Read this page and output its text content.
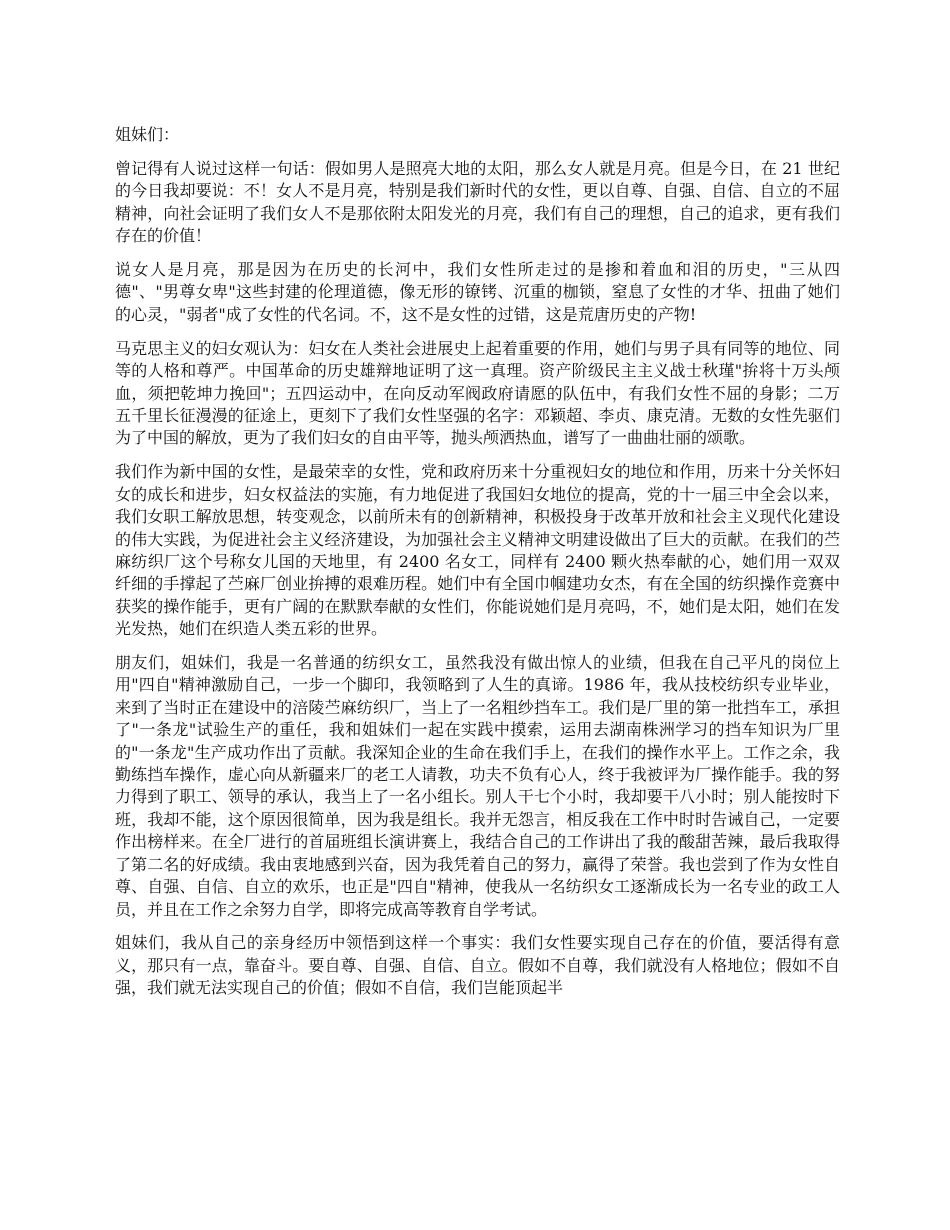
姐妹们：

曾记得有人说过这样一句话：假如男人是照亮大地的太阳，那么女人就是月亮。但是今日，在 21 世纪的今日我却要说：不！女人不是月亮，特别是我们新时代的女性，更以自尊、自强、自信、自立的不屈精神，向社会证明了我们女人不是那依附太阳发光的月亮，我们有自己的理想，自己的追求，更有我们存在的价值！

说女人是月亮，那是因为在历史的长河中，我们女性所走过的是掺和着血和泪的历史，"三从四德"、"男尊女卑"这些封建的伦理道德，像无形的镣铐、沉重的枷锁，窒息了女性的才华、扭曲了她们的心灵，"弱者"成了女性的代名词。不，这不是女性的过错，这是荒唐历史的产物!

马克思主义的妇女观认为：妇女在人类社会进展史上起着重要的作用，她们与男子具有同等的地位、同等的人格和尊严。中国革命的历史雄辩地证明了这一真理。资产阶级民主主义战士秋瑾"拚将十万头颅血，须把乾坤力挽回"；五四运动中，在向反动军阀政府请愿的队伍中，有我们女性不屈的身影；二万五千里长征漫漫的征途上，更刻下了我们女性坚强的名字：邓颖超、李贞、康克清。无数的女性先驱们为了中国的解放，更为了我们妇女的自由平等，抛头颅洒热血，谱写了一曲曲壮丽的颂歌。

我们作为新中国的女性，是最荣幸的女性，党和政府历来十分重视妇女的地位和作用，历来十分关怀妇女的成长和进步，妇女权益法的实施，有力地促进了我国妇女地位的提高，党的十一届三中全会以来，我们女职工解放思想，转变观念，以前所未有的创新精神，积极投身于改革开放和社会主义现代化建设的伟大实践，为促进社会主义经济建设，为加强社会主义精神文明建设做出了巨大的贡献。在我们的苎麻纺织厂这个号称女儿国的天地里，有 2400 名女工，同样有 2400 颗火热奉献的心，她们用一双双纤细的手撑起了苎麻厂创业拚搏的艰难历程。她们中有全国巾帼建功女杰，有在全国的纺织操作竞赛中获奖的操作能手，更有广阔的在默默奉献的女性们，你能说她们是月亮吗，不，她们是太阳，她们在发光发热，她们在织造人类五彩的世界。

朋友们，姐妹们，我是一名普通的纺织女工，虽然我没有做出惊人的业绩，但我在自己平凡的岗位上用"四自"精神激励自己，一步一个脚印，我领略到了人生的真谛。1986 年，我从技校纺织专业毕业，来到了当时正在建设中的涪陵苎麻纺织厂，当上了一名粗纱挡车工。我们是厂里的第一批挡车工，承担了"一条龙"试验生产的重任，我和姐妹们一起在实践中摸索，运用去湖南株洲学习的挡车知识为厂里的"一条龙"生产成功作出了贡献。我深知企业的生命在我们手上，在我们的操作水平上。工作之余，我勤练挡车操作，虚心向从新疆来厂的老工人请教，功夫不负有心人，终于我被评为厂操作能手。我的努力得到了职工、领导的承认，我当上了一名小组长。别人干七个小时，我却要干八小时；别人能按时下班，我却不能，这个原因很简单，因为我是组长。我并无怨言，相反我在工作中时时告诫自己，一定要作出榜样来。在全厂进行的首届班组长演讲赛上，我结合自己的工作讲出了我的酸甜苦辣，最后我取得了第二名的好成绩。我由衷地感到兴奋，因为我凭着自己的努力，赢得了荣誉。我也尝到了作为女性自尊、自强、自信、自立的欢乐，也正是"四自"精神，使我从一名纺织女工逐渐成长为一名专业的政工人员，并且在工作之余努力自学，即将完成高等教育自学考试。

姐妹们，我从自己的亲身经历中领悟到这样一个事实：我们女性要实现自己存在的价值，要活得有意义，那只有一点，靠奋斗。要自尊、自强、自信、自立。假如不自尊，我们就没有人格地位；假如不自强，我们就无法实现自己的价值；假如不自信，我们岂能顶起半
